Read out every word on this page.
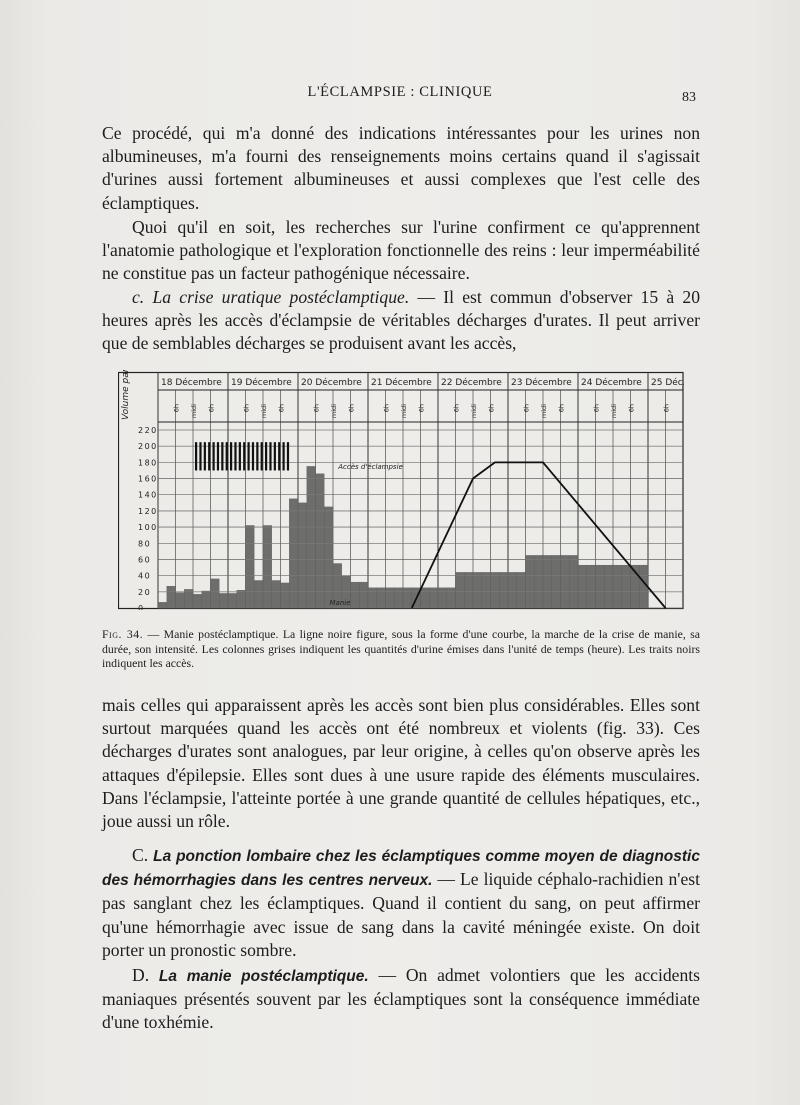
L'ÉCLAMPSIE : CLINIQUE	83

Ce procédé, qui m'a donné des indications intéressantes pour les urines non albumineuses, m'a fourni des renseignements moins certains quand il s'agissait d'urines aussi fortement albumineuses et aussi complexes que l'est celle des éclamptiques.

Quoi qu'il en soit, les recherches sur l'urine confirment ce qu'apprennent l'anatomie pathologique et l'exploration fonctionnelle des reins : leur imperméabilité ne constitue pas un facteur pathogénique nécessaire.

c. La crise uratique postéclamptique. — Il est commun d'observer 15 à 20 heures après les accès d'éclampsie de véritables décharges d'urates. Il peut arriver que de semblables décharges se produisent avant les accès,

0
20
40
60
80
100
120
140
160
180
200
220
6h midi 6h	6h midi 6h	6h midi 6h	6h midi 6h	6h midi 6h	6h midi 6h	6h midi 6h	6h
18 Décembre 19 Décembre 20 Décembre 21 Décembre 22 Décembre 23 Décembre 24 Décembre 25 Déc.
Volume par heure
Accès d'éclampsie
Manie

Fig. 34. — Manie postéclamptique. La ligne noire figure, sous la forme d'une courbe, la marche de la crise de manie, sa durée, son intensité. Les colonnes grises indiquent les quantités d'urine émises dans l'unité de temps (heure). Les traits noirs indiquent les accès.

mais celles qui apparaissent après les accès sont bien plus considérables. Elles sont surtout marquées quand les accès ont été nombreux et violents (fig. 33). Ces décharges d'urates sont analogues, par leur origine, à celles qu'on observe après les attaques d'épilepsie. Elles sont dues à une usure rapide des éléments musculaires. Dans l'éclampsie, l'atteinte portée à une grande quantité de cellules hépatiques, etc., joue aussi un rôle.

C. La ponction lombaire chez les éclamptiques comme moyen de diagnostic des hémorrhagies dans les centres nerveux. — Le liquide céphalo-rachidien n'est pas sanglant chez les éclamptiques. Quand il contient du sang, on peut affirmer qu'une hémorrhagie avec issue de sang dans la cavité méningée existe. On doit porter un pronostic sombre.

D. La manie postéclamptique. — On admet volontiers que les accidents maniaques présentés souvent par les éclamptiques sont la conséquence immédiate d'une toxhémie.
